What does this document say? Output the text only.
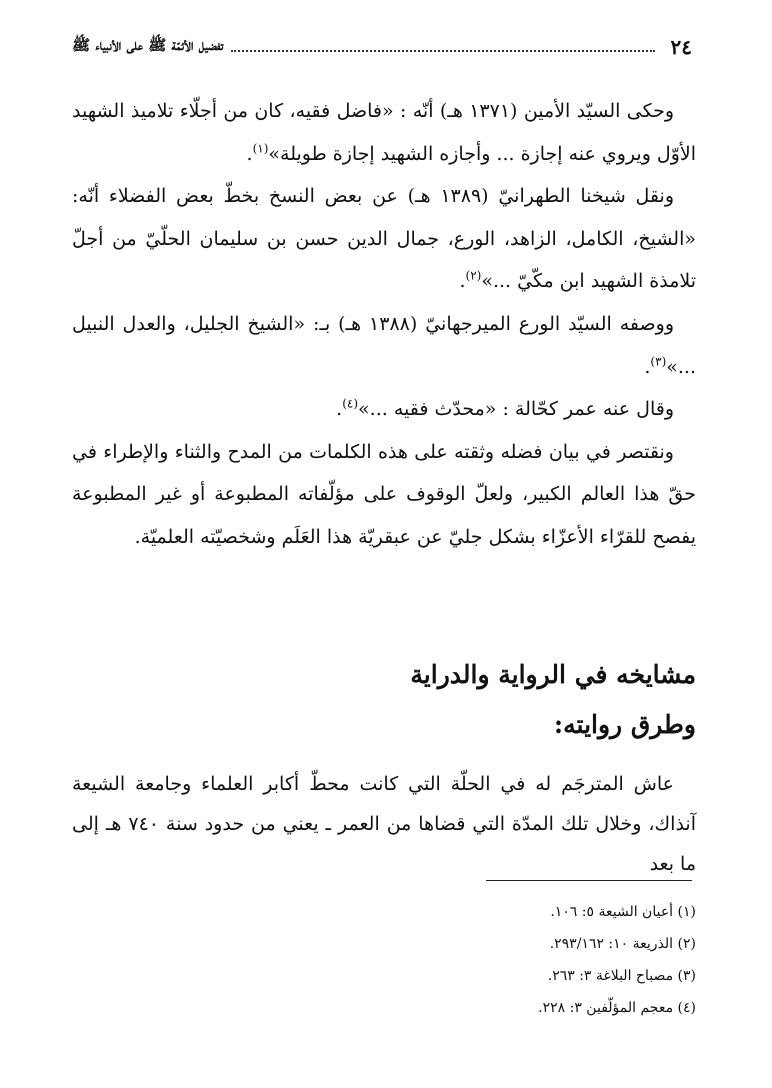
٢٤
تفضيل الأئمّة ﷺ على الأنبياء ﷺ

وحكى السيّد الأمين (١٣٧١ هـ) أنّه : «فاضل فقيه، كان من أجلّاء تلاميذ الشهيد الأوّل ويروي عنه إجازة ... وأجازه الشهيد إجازة طويلة»$^{(١)}$.

ونقل شيخنا الطهرانيّ (١٣٨٩ هـ) عن بعض النسخ بخطّ بعض الفضلاء أنّه: «الشيخ، الكامل، الزاهد، الورع، جمال الدين حسن بن سليمان الحلّيّ من أجلّ تلامذة الشهيد ابن مكّيّ ...»$^{(٢)}$.

ووصفه السيّد الورع الميرجهانيّ (١٣٨٨ هـ) بـ: «الشيخ الجليل، والعدل النبيل ...»$^{(٣)}$.

وقال عنه عمر كحّالة : «محدّث فقيه ...»$^{(٤)}$.

ونقتصر في بيان فضله وثقته على هذه الكلمات من المدح والثناء والإطراء في حقّ هذا العالم الكبير، ولعلّ الوقوف على مؤلّفاته المطبوعة أو غير المطبوعة يفصح للقرّاء الأعزّاء بشكل جليّ عن عبقريّة هذا العَلَم وشخصيّته العلميّة.

مشايخه في الرواية والدراية
وطرق روايته:

عاش المترجَم له في الحلّة التي كانت محطّ أكابر العلماء وجامعة الشيعة آنذاك، وخلال تلك المدّة التي قضاها من العمر ـ يعني من حدود سنة ٧٤٠ هـ إلى ما بعد

(١) أعيان الشيعة ٥: ١٠٦.
(٢) الذريعة ١٠: ٢٩٣/١٦٢.
(٣) مصباح البلاغة ٣: ٢٦٣.
(٤) معجم المؤلّفين ٣: ٢٢٨.
